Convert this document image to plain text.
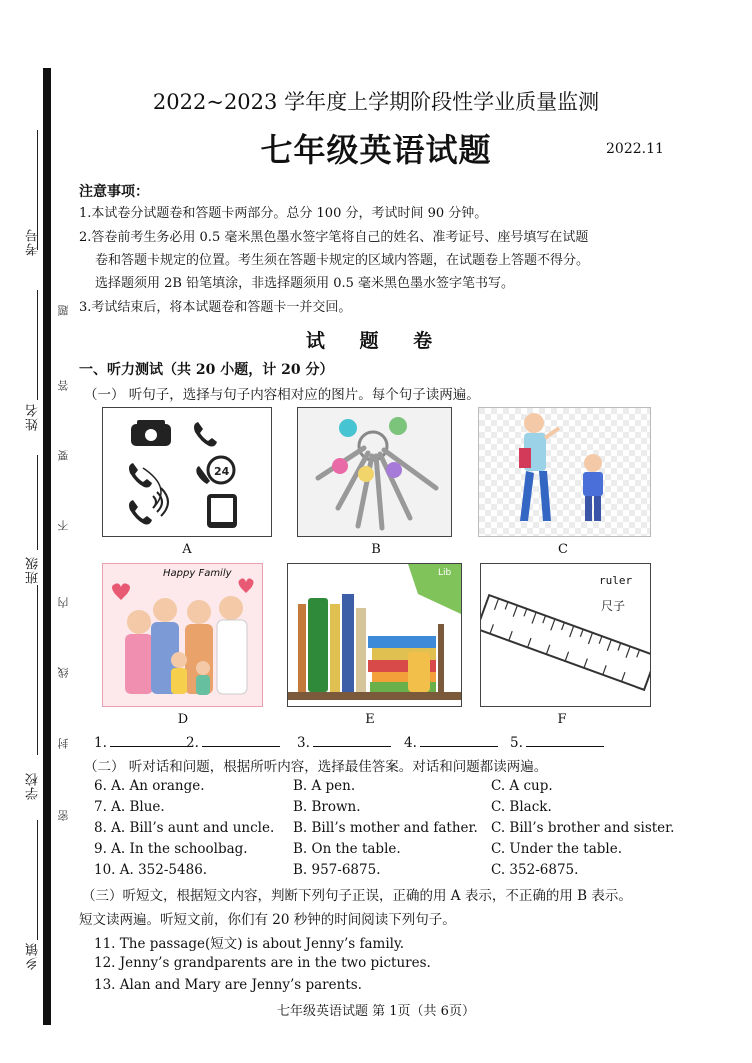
考号
姓名
班级
学校
乡镇
题
答
要
不
内
线
封
密
2022~2023 学年度上学期阶段性学业质量监测
七年级英语试题	2022.11
注意事项：
1.本试卷分试题卷和答题卡两部分。总分 100 分，考试时间 90 分钟。
2.答卷前考生务必用 0.5 毫米黑色墨水签字笔将自己的姓名、准考证号、座号填写在试题
卷和答题卡规定的位置。考生须在答题卡规定的区域内答题，在试题卷上答题不得分。
选择题须用 2B 铅笔填涂，非选择题须用 0.5 毫米黑色墨水签字笔书写。
3.考试结束后，将本试题卷和答题卡一并交回。
试 题 卷
一、听力测试（共 20 小题，计 20 分）
（一） 听句子，选择与句子内容相对应的图片。每个句子读两遍。
24
A	B	C
Happy Family
D
Lib
E
ruler
尺子
F
1.	2.	3.	4.	5.
（二） 听对话和问题，根据所听内容，选择最佳答案。对话和问题都读两遍。
6. A. An orange.	B. A pen.	C. A cup.
7. A. Blue.	B. Brown.	C. Black.
8. A. Bill’s aunt and uncle. B. Bill’s mother and father. C. Bill’s brother and sister.
9. A. In the schoolbag.	B. On the table.	C. Under the table.
10. A. 352-5486.	B. 957-6875.	C. 352-6875.
（三）听短文，根据短文内容，判断下列句子正误，正确的用 A 表示，不正确的用 B 表示。
短文读两遍。听短文前，你们有 20 秒钟的时间阅读下列句子。
11. The passage(短文) is about Jenny’s family.
12. Jenny’s grandparents are in the two pictures.
13. Alan and Mary are Jenny’s parents.
七年级英语试题 第 1页（共 6页）
